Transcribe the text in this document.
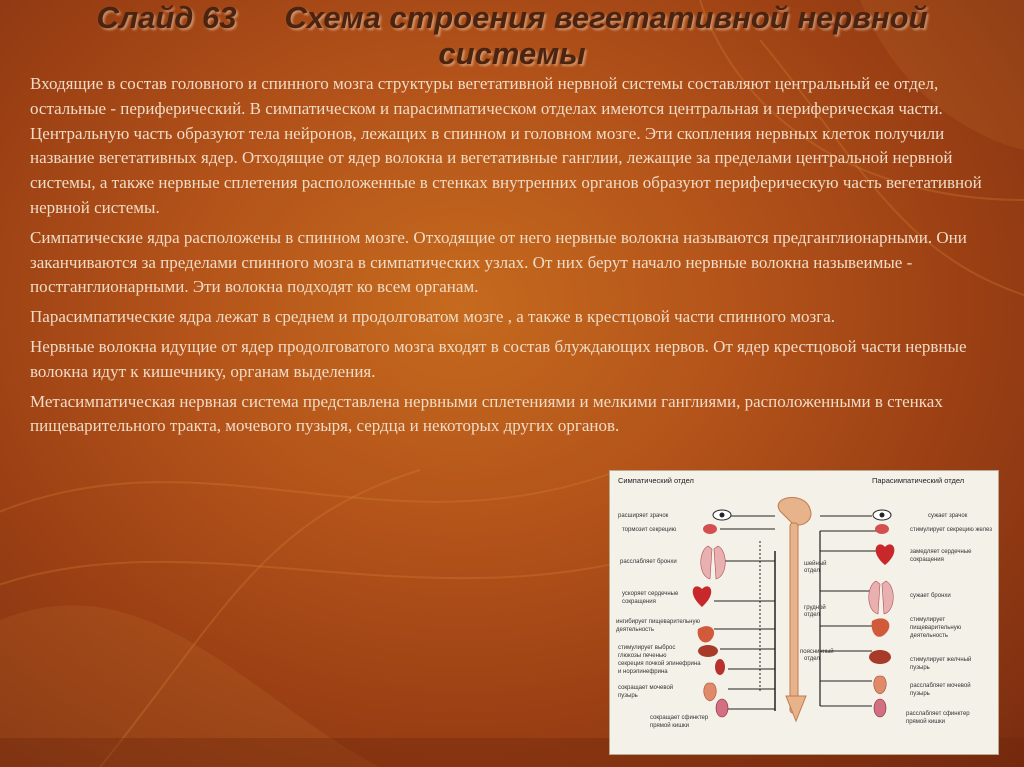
Слайд 63 Схема строения вегетативной нервной
системы

Входящие в состав головного и спинного мозга структуры вегетативной нервной системы составляют центральный ее отдел, остальные - периферический. В симпатическом и парасимпатическом отделах имеются центральная и периферическая части. Центральную часть образуют тела нейронов, лежащих в спинном и головном мозге. Эти скопления нервных клеток получили название вегетативных ядер. Отходящие от ядер волокна и вегетативные ганглии, лежащие за пределами центральной нервной системы, а также нервные сплетения расположенные в стенках внутренних органов образуют периферическую часть вегетативной нервной системы.

Симпатические ядра расположены в спинном мозге. Отходящие от него нервные волокна называются предганглионарными. Они заканчиваются за пределами спинного мозга в симпатических узлах. От них берут начало нервные волокна назывеимые - постганглионарными. Эти волокна подходят ко всем органам.

Парасимпатические ядра лежат в среднем и продолговатом мозге , а также в крестцовой части спинного мозга.

Нервные волокна идущие от ядер продолговатого мозга входят в состав блуждающих нервов. От ядер крестцовой части нервные волокна идут к кишечнику, органам выделения.

Метасимпатическая нервная система представлена нервными сплетениями и мелкими ганглиями, расположенными в стенках пищеварительного тракта, мочевого пузыря, сердца и некоторых других органов.

Симпатический отдел	Парасимпатический отдел
расширяет зрачок
тормозит секрецию
расслабляет бронхи
ускоряет сердечные
сокращения
ингибирует пищеварительную
деятельность
стимулирует выброс
глюкозы печенью
секреция почкой эпинефрина
и норэпинефрина
сокращает мочевой
пузырь
сокращает сфинктер
прямой кишки
шейный
отдел
грудной
отдел
поясничный
отдел
сужает зрачок
стимулирует секрецию желез
замедляет сердечные
сокращения
сужает бронхи
стимулирует
пищеварительную
деятельность
стимулирует желчный
пузырь
расслабляет мочевой
пузырь
расслабляет сфинктер
прямой кишки
